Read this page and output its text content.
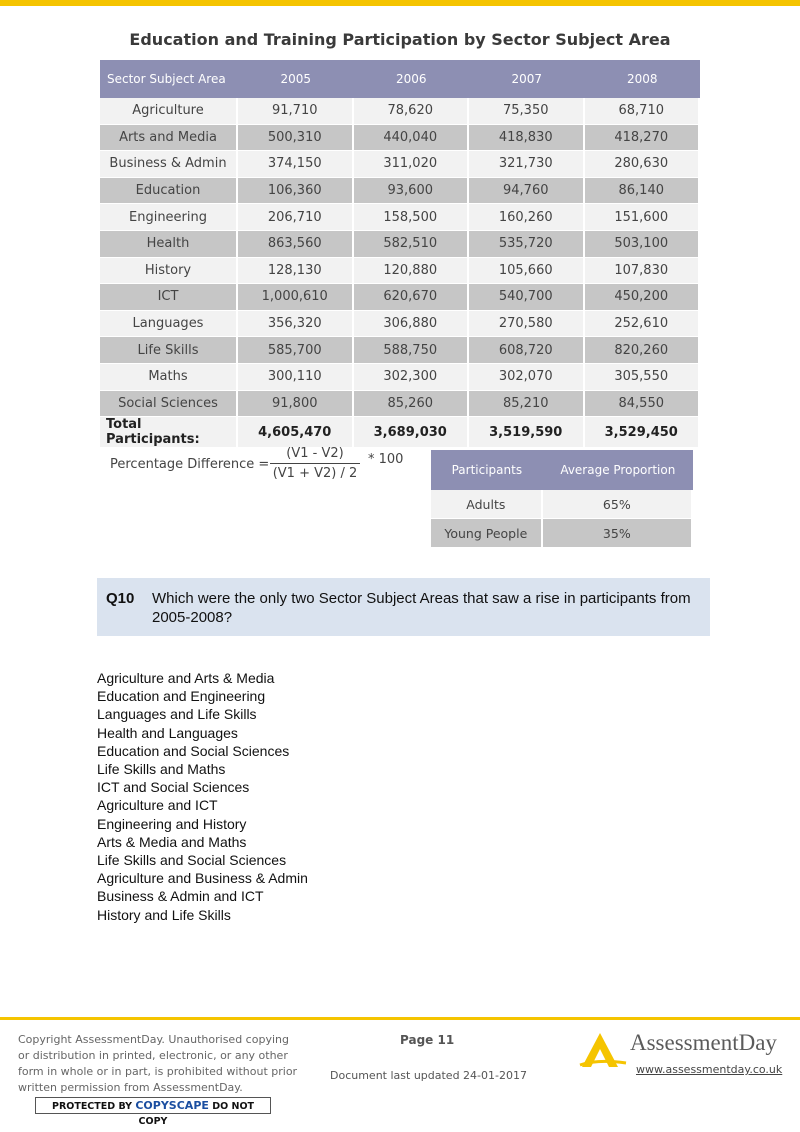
Education and Training Participation by Sector Subject Area
Sector Subject Area	2005	2006	2007	2008
Agriculture	91,710	78,620	75,350	68,710
Arts and Media	500,310	440,040	418,830	418,270
Business & Admin	374,150	311,020	321,730	280,630
Education	106,360	93,600	94,760	86,140
Engineering	206,710	158,500	160,260	151,600
Health	863,560	582,510	535,720	503,100
History	128,130	120,880	105,660	107,830
ICT	1,000,610	620,670	540,700	450,200
Languages	356,320	306,880	270,580	252,610
Life Skills	585,700	588,750	608,720	820,260
Maths	300,110	302,300	302,070	305,550
Social Sciences	91,800	85,260	85,210	84,550
Total Participants:	4,605,470	3,689,030	3,519,590	3,529,450
Percentage Difference = $\frac{(V1 - V2)}{(V1 + V2) / 2} * 100$
Participants	Average Proportion
Adults	65%
Young People	35%
Q10 Which were the only two Sector Subject Areas that saw a rise in participants from 2005-2008?
Agriculture and Arts & Media
Education and Engineering
Languages and Life Skills
Health and Languages
Education and Social Sciences
Life Skills and Maths
ICT and Social Sciences
Agriculture and ICT
Engineering and History
Arts & Media and Maths
Life Skills and Social Sciences
Agriculture and Business & Admin
Business & Admin and ICT
History and Life Skills
Copyright AssessmentDay. Unauthorised copying or distribution in printed, electronic, or any other form in whole or in part, is prohibited without prior written permission from AssessmentDay.
PROTECTED BY COPYSCAPE DO NOT COPY
Page 11
Document last updated 24-01-2017
AssessmentDay
www.assessmentday.co.uk
